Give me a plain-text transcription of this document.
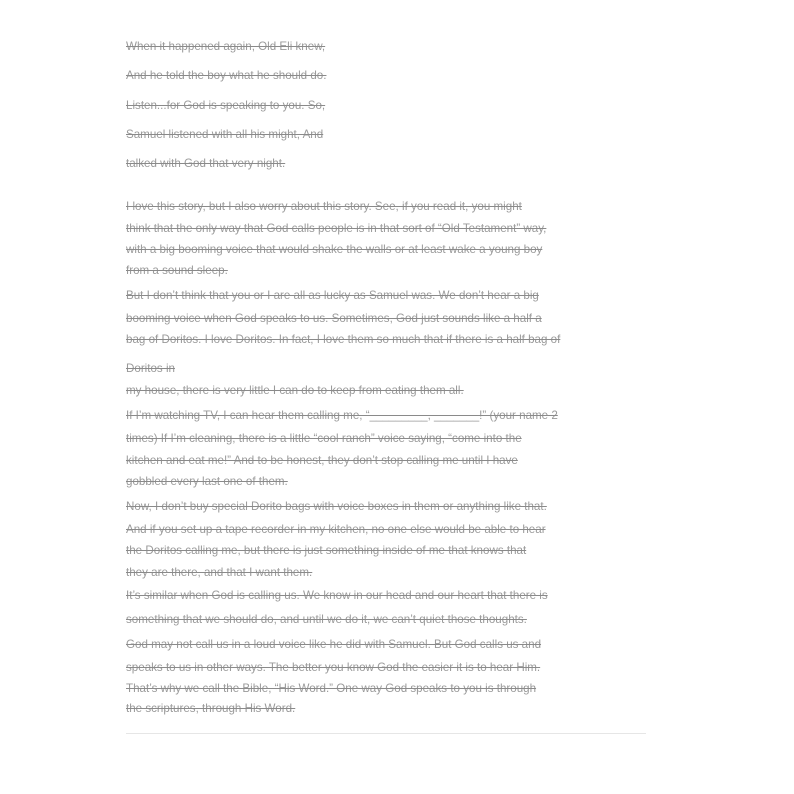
When it happened again, Old Eli knew,
And he told the boy what he should do.
Listen...for God is speaking to you. So,
Samuel listened with all his might, And
talked with God that very night.
I love this story, but I also worry about this story. See, if you read it, you might
think that the only way that God calls people is in that sort of “Old Testament” way,
with a big booming voice that would shake the walls or at least wake a young boy
from a sound sleep.
But I don’t think that you or I are all as lucky as Samuel was. We don’t hear a big
booming voice when God speaks to us. Sometimes, God just sounds like a half a
bag of Doritos. I love Doritos. In fact, I love them so much that if there is a half bag of
Doritos in
my house, there is very little I can do to keep from eating them all.
If I’m watching TV, I can hear them calling me, “_________, _______!” (your name 2
times) If I’m cleaning, there is a little “cool ranch” voice saying, “come into the
kitchen and eat me!” And to be honest, they don’t stop calling me until I have
gobbled every last one of them.
Now, I don’t buy special Dorito bags with voice boxes in them or anything like that.
And if you set up a tape recorder in my kitchen, no one else would be able to hear
the Doritos calling me, but there is just something inside of me that knows that
they are there, and that I want them.
It’s similar when God is calling us. We know in our head and our heart that there is
something that we should do, and until we do it, we can’t quiet those thoughts.
God may not call us in a loud voice like he did with Samuel. But God calls us and
speaks to us in other ways. The better you know God the easier it is to hear Him.
That’s why we call the Bible, “His Word.” One way God speaks to you is through
the scriptures, through His Word.
